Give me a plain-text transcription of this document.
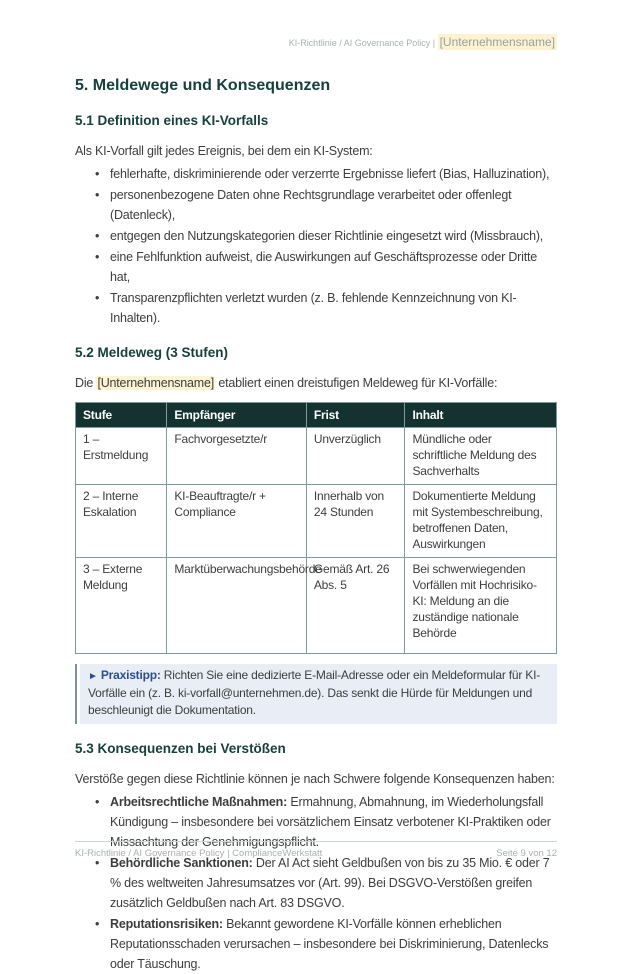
KI-Richtlinie / AI Governance Policy | [Unternehmensname]
5. Meldewege und Konsequenzen
5.1 Definition eines KI-Vorfalls

Als KI-Vorfall gilt jedes Ereignis, bei dem ein KI-System:

• fehlerhafte, diskriminierende oder verzerrte Ergebnisse liefert (Bias, Halluzination),
• personenbezogene Daten ohne Rechtsgrundlage verarbeitet oder offenlegt (Datenleck),
• entgegen den Nutzungskategorien dieser Richtlinie eingesetzt wird (Missbrauch),
• eine Fehlfunktion aufweist, die Auswirkungen auf Geschäftsprozesse oder Dritte hat,
• Transparenzpflichten verletzt wurden (z. B. fehlende Kennzeichnung von KI-Inhalten).
5.2 Meldeweg (3 Stufen)

Die [Unternehmensname] etabliert einen dreistufigen Meldeweg für KI-Vorfälle:

Stufe	Empfänger	Frist	Inhalt
1 – Erstmeldung	Fachvorgesetzte/r	Unverzüglich	Mündliche oder schriftliche Meldung des Sachverhalts
2 – Interne Eskalation	KI-Beauftragte/r + Compliance	Innerhalb von 24 Stunden	Dokumentierte Meldung mit Systembeschreibung, betroffenen Daten, Auswirkungen
3 – Externe Meldung	Marktüberwachungsbehörde	Gemäß Art. 26 Abs. 5	Bei schwerwiegenden Vorfällen mit Hochrisiko-KI: Meldung an die zuständige nationale Behörde
► Praxistipp: Richten Sie eine dedizierte E-Mail-Adresse oder ein Meldeformular für KI-Vorfälle ein (z. B. ki-vorfall@unternehmen.de). Das senkt die Hürde für Meldungen und beschleunigt die Dokumentation.
5.3 Konsequenzen bei Verstößen

Verstöße gegen diese Richtlinie können je nach Schwere folgende Konsequenzen haben:

• Arbeitsrechtliche Maßnahmen: Ermahnung, Abmahnung, im Wiederholungsfall Kündigung – insbesondere bei vorsätzlichem Einsatz verbotener KI-Praktiken oder Missachtung der Genehmigungspflicht.
• Behördliche Sanktionen: Der AI Act sieht Geldbußen von bis zu 35 Mio. € oder 7 % des weltweiten Jahresumsatzes vor (Art. 99). Bei DSGVO-Verstößen greifen zusätzlich Geldbußen nach Art. 83 DSGVO.
• Reputationsrisiken: Bekannt gewordene KI-Vorfälle können erheblichen Reputationsschaden verursachen – insbesondere bei Diskriminierung, Datenlecks oder Täuschung.
KI-Richtlinie / AI Governance Policy | ComplianceWerkstatt	Seite 9 von 12
